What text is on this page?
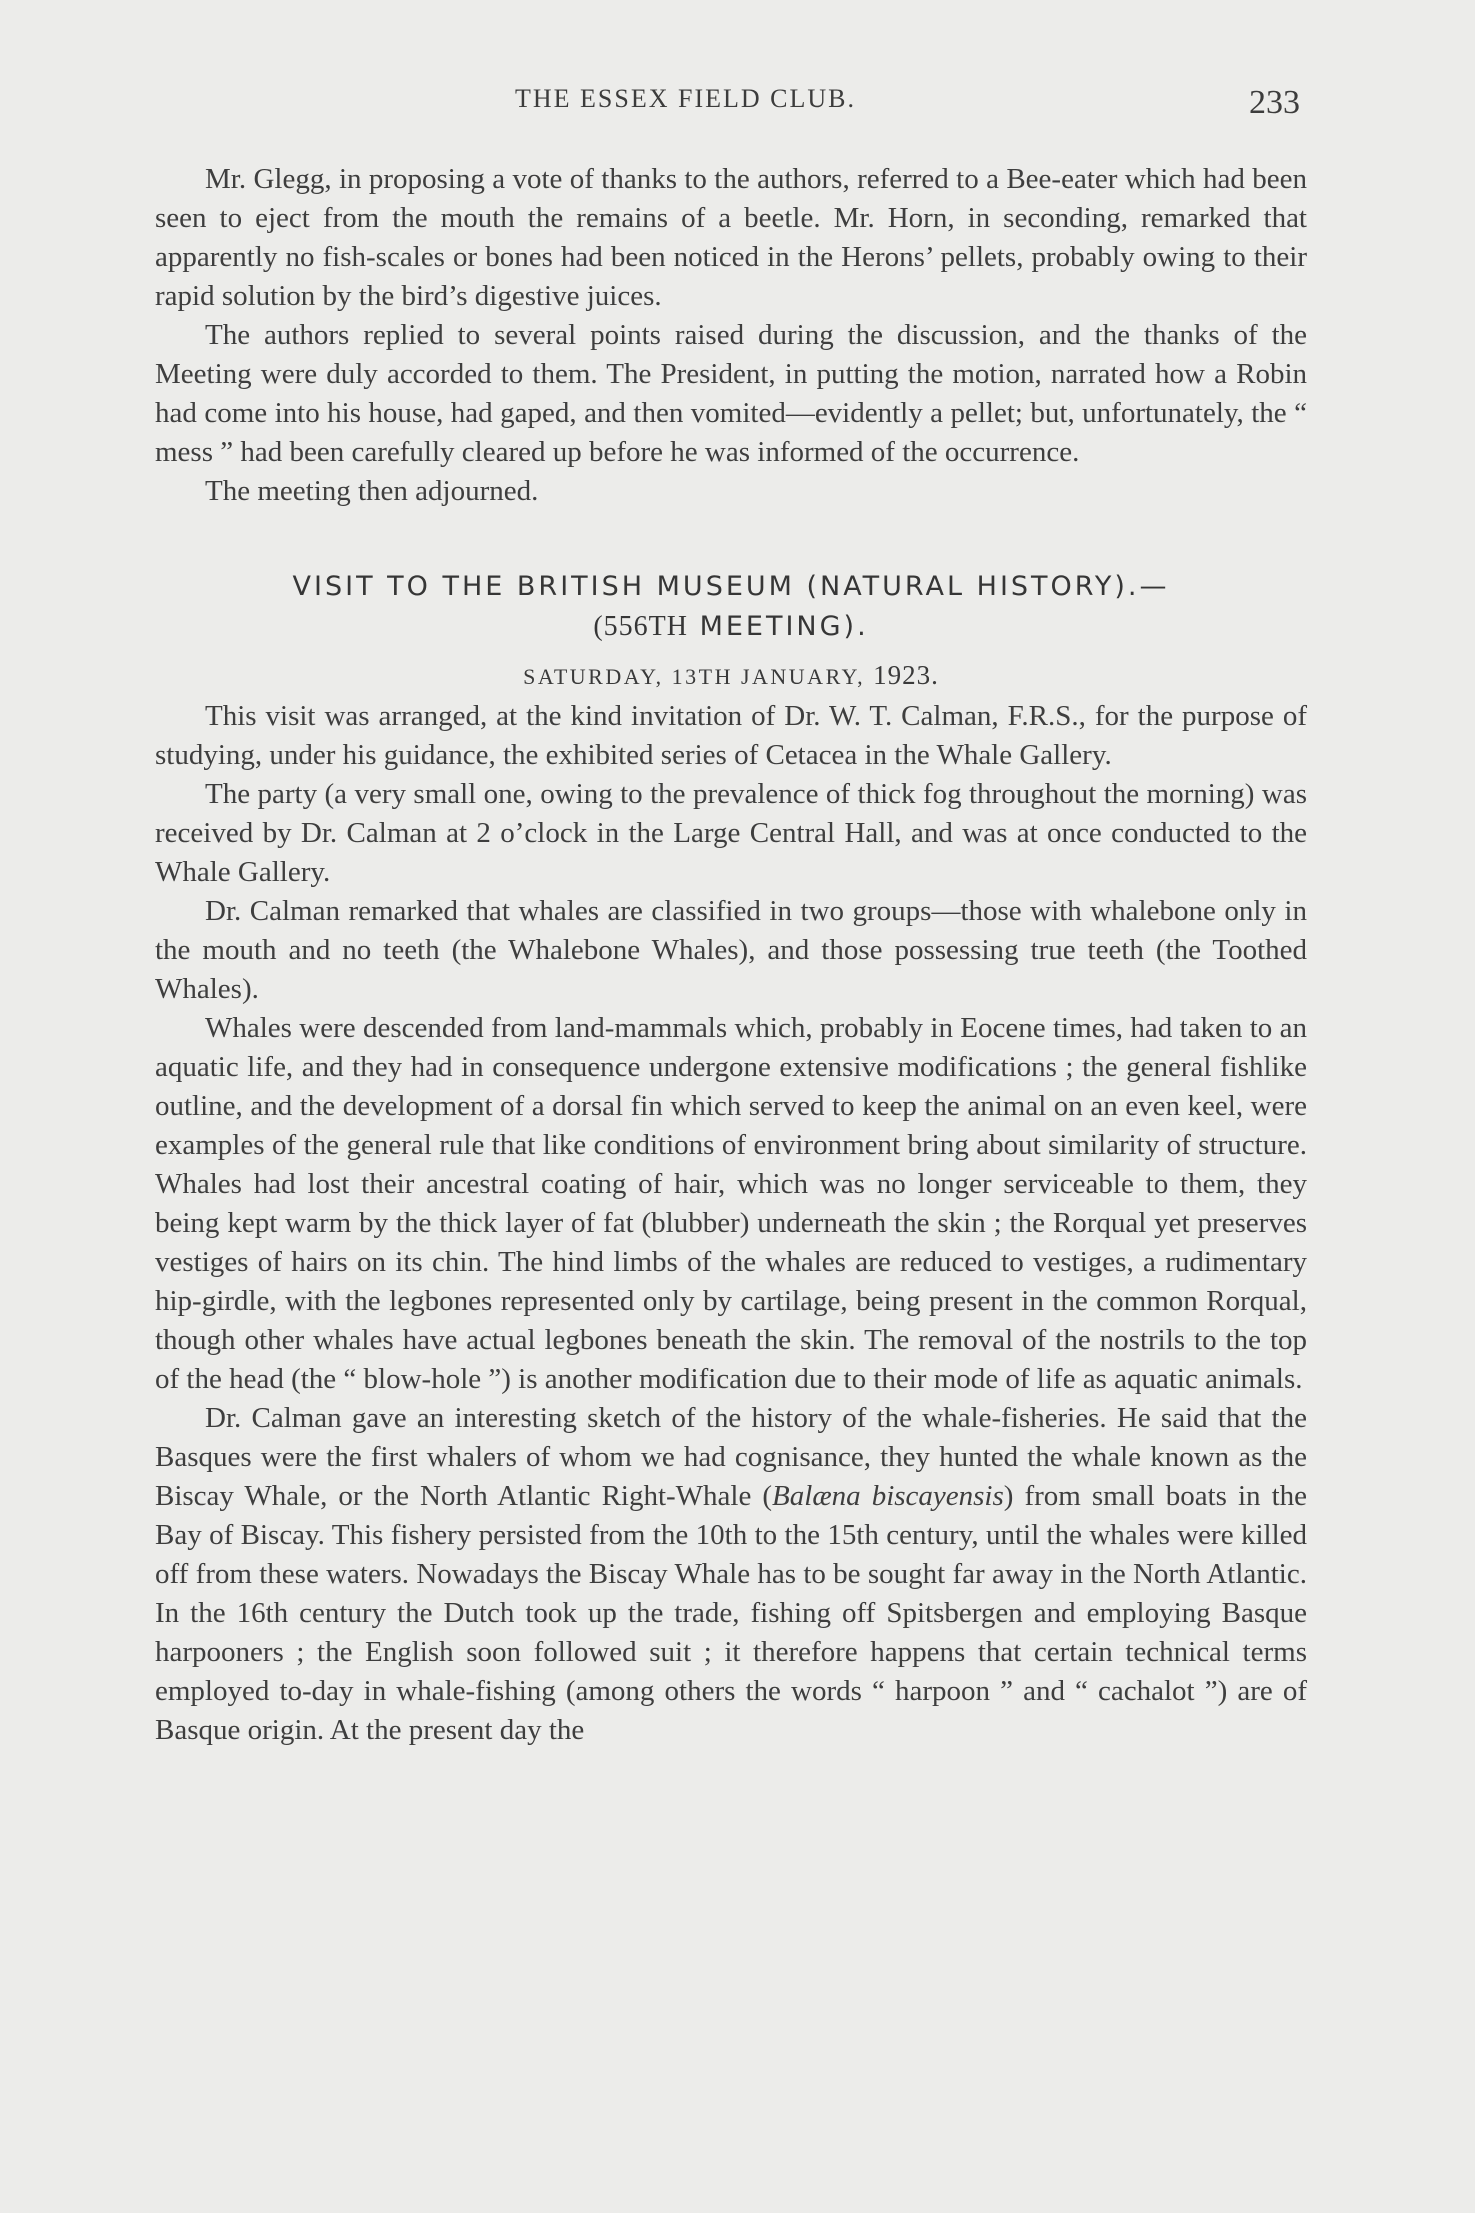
THE ESSEX FIELD CLUB.	233

Mr. Glegg, in proposing a vote of thanks to the authors, referred to a Bee-eater which had been seen to eject from the mouth the remains of a beetle. Mr. Horn, in seconding, remarked that apparently no fish-scales or bones had been noticed in the Herons’ pellets, probably owing to their rapid solution by the bird’s digestive juices.

The authors replied to several points raised during the discussion, and the thanks of the Meeting were duly accorded to them. The President, in putting the motion, narrated how a Robin had come into his house, had gaped, and then vomited—evidently a pellet; but, unfortunately, the “ mess ” had been carefully cleared up before he was informed of the occurrence.

The meeting then adjourned.

VISIT TO THE BRITISH MUSEUM (NATURAL HISTORY).—
(556TH MEETING).
SATURDAY, 13TH JANUARY, 1923.

This visit was arranged, at the kind invitation of Dr. W. T. Calman, F.R.S., for the purpose of studying, under his guidance, the exhibited series of Cetacea in the Whale Gallery.

The party (a very small one, owing to the prevalence of thick fog throughout the morning) was received by Dr. Calman at 2 o’clock in the Large Central Hall, and was at once conducted to the Whale Gallery.

Dr. Calman remarked that whales are classified in two groups—those with whalebone only in the mouth and no teeth (the Whalebone Whales), and those possessing true teeth (the Toothed Whales).

Whales were descended from land-mammals which, probably in Eocene times, had taken to an aquatic life, and they had in consequence undergone extensive modifications ; the general fishlike outline, and the development of a dorsal fin which served to keep the animal on an even keel, were examples of the general rule that like conditions of environment bring about similarity of structure. Whales had lost their ancestral coating of hair, which was no longer serviceable to them, they being kept warm by the thick layer of fat (blubber) underneath the skin ; the Rorqual yet preserves vestiges of hairs on its chin. The hind limbs of the whales are reduced to vestiges, a rudimentary hip-girdle, with the legbones represented only by cartilage, being present in the common Rorqual, though other whales have actual legbones beneath the skin. The removal of the nostrils to the top of the head (the “ blow-hole ”) is another modification due to their mode of life as aquatic animals.

Dr. Calman gave an interesting sketch of the history of the whale-fisheries. He said that the Basques were the first whalers of whom we had cognisance, they hunted the whale known as the Biscay Whale, or the North Atlantic Right-Whale (Balæna biscayensis) from small boats in the Bay of Biscay. This fishery persisted from the 10th to the 15th century, until the whales were killed off from these waters. Nowadays the Biscay Whale has to be sought far away in the North Atlantic. In the 16th century the Dutch took up the trade, fishing off Spitsbergen and employing Basque harpooners ; the English soon followed suit ; it therefore happens that certain technical terms employed to-day in whale-fishing (among others the words “ harpoon ” and “ cachalot ”) are of Basque origin. At the present day the
